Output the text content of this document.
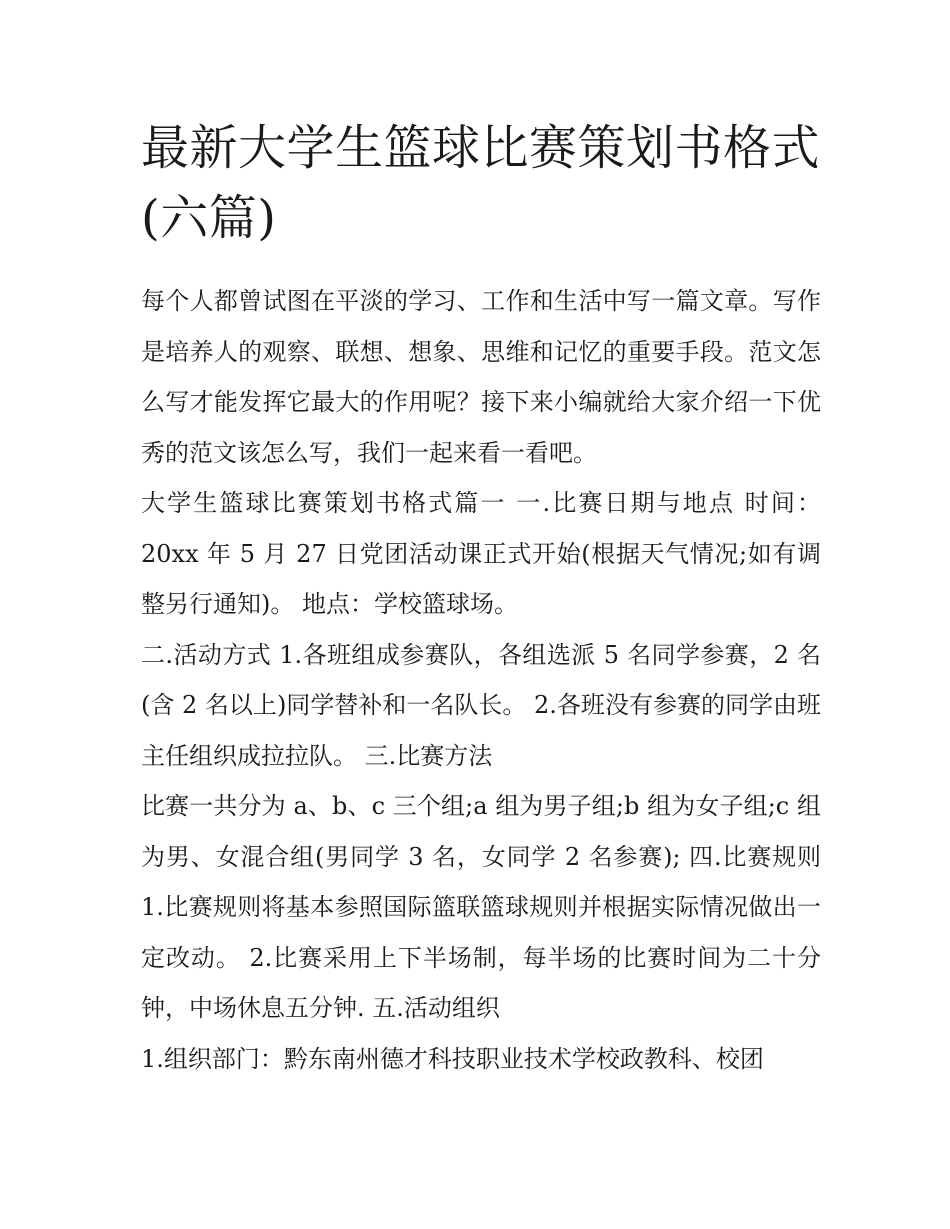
最新大学生篮球比赛策划书格式(六篇)

每个人都曾试图在平淡的学习、工作和生活中写一篇文章。写作是培养人的观察、联想、想象、思维和记忆的重要手段。范文怎么写才能发挥它最大的作用呢？接下来小编就给大家介绍一下优秀的范文该怎么写，我们一起来看一看吧。

大学生篮球比赛策划书格式篇一 一.比赛日期与地点 时间：20xx 年 5 月 27 日党团活动课正式开始(根据天气情况;如有调整另行通知)。 地点：学校篮球场。

二.活动方式 1.各班组成参赛队，各组选派 5 名同学参赛，2 名(含 2 名以上)同学替补和一名队长。 2.各班没有参赛的同学由班主任组织成拉拉队。 三.比赛方法

比赛一共分为 a、b、c 三个组;a 组为男子组;b 组为女子组;c 组为男、女混合组(男同学 3 名，女同学 2 名参赛); 四.比赛规则 1.比赛规则将基本参照国际篮联篮球规则并根据实际情况做出一定改动。 2.比赛采用上下半场制，每半场的比赛时间为二十分钟，中场休息五分钟. 五.活动组织

1.组织部门：黔东南州德才科技职业技术学校政教科、校团
